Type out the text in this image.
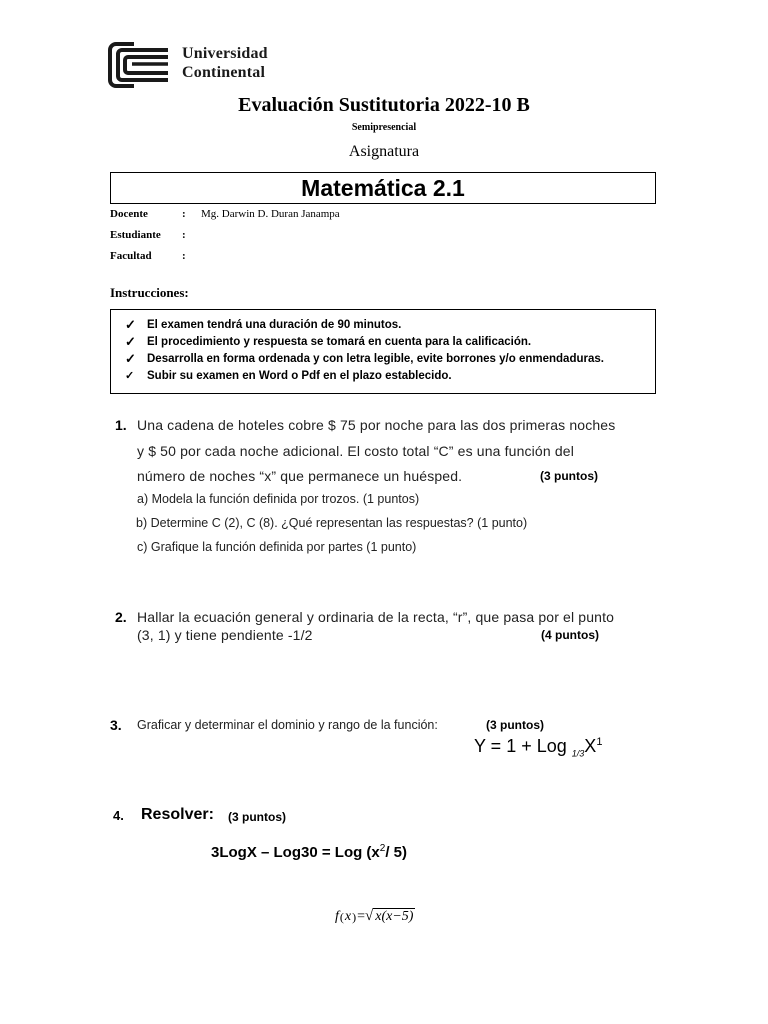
Universidad
Continental
Evaluación Sustitutoria 2022-10 B
Semipresencial
Asignatura
Matemática 2.1
Docente	: Mg. Darwin D. Duran Janampa
Estudiante :
Facultad	:
Instrucciones:
✓ El examen tendrá una duración de 90 minutos.
✓ El procedimiento y respuesta se tomará en cuenta para la calificación.
✓ Desarrolla en forma ordenada y con letra legible, evite borrones y/o enmendaduras.
✓	Subir su examen en Word o Pdf en el plazo establecido.
1. Una cadena de hoteles cobre $ 75 por noche para las dos primeras noches
y $ 50 por cada noche adicional. El costo total “C” es una función del
número de noches “x” que permanece un huésped.	(3 puntos)
a) Modela la función definida por trozos. (1 puntos)
b) Determine C (2), C (8). ¿Qué representan las respuestas? (1 punto)
c) Grafique la función definida por partes (1 punto)
2. Hallar la ecuación general y ordinaria de la recta, “r”, que pasa por el punto
(3, 1) y tiene pendiente -1/2	(4 puntos)
3. Graficar y determinar el dominio y rango de la función:	(3 puntos)
Y = 1 + Log $_{1/3}X^1$
4. Resolver: (3 puntos)
3LogX – Log30 = Log ($x^2/$ 5)
f ( x ) = √ x(x−5)
